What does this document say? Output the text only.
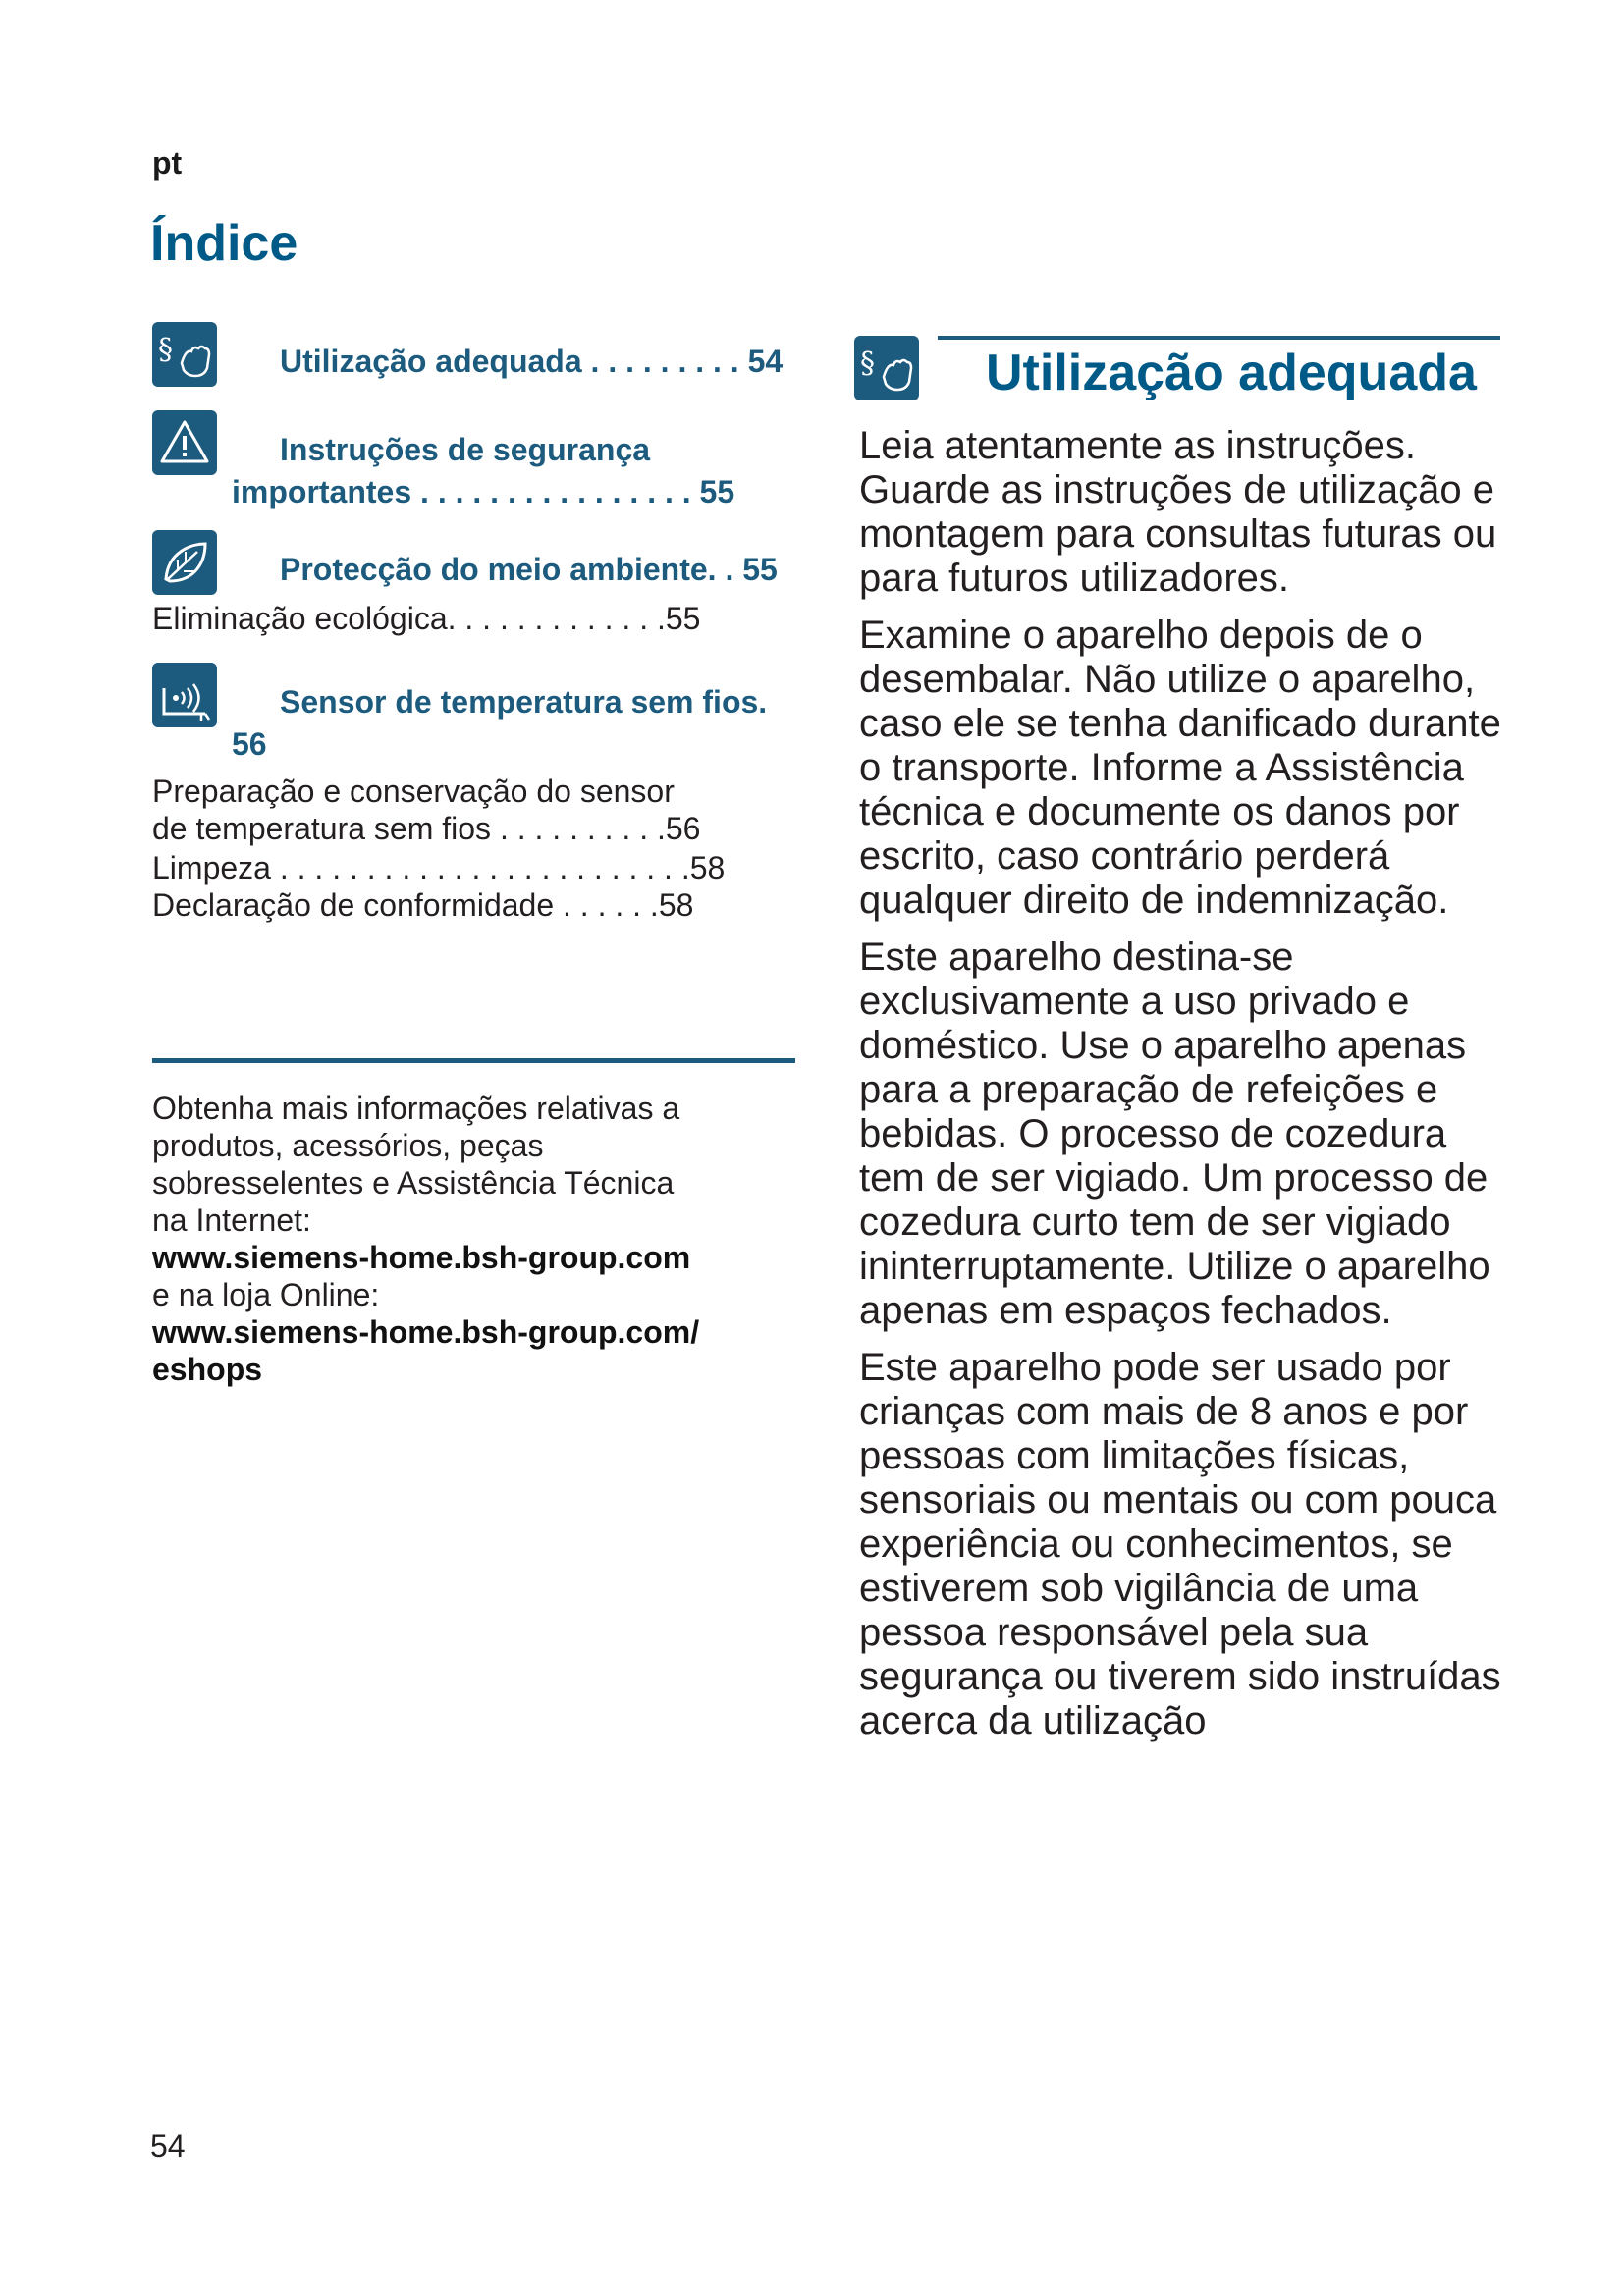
pt
Índice
§	Utilização adequada . . . . . . . . . 54
Instruções de segurança
importantes . . . . . . . . . . . . . . . . 55
Protecção do meio ambiente. . 55
Eliminação ecológica. . . . . . . . . . . . .55
Sensor de temperatura sem fios.
56
Preparação e conservação do sensor
de temperatura sem fios . . . . . . . . . .56
Limpeza . . . . . . . . . . . . . . . . . . . . . . . .58
Declaração de conformidade . . . . . .58

Obtenha mais informações relativas a

produtos, acessórios, peças

sobresselentes e Assistência Técnica

na Internet:

www.siemens-home.bsh-group.com

e na loja Online:

www.siemens-home.bsh-group.com/

eshops

§ Utilização adequada

Leia atentamente as instruções. Guarde as instruções de utilização e montagem para consultas futuras ou para futuros utilizadores.

Examine o aparelho depois de o desembalar. Não utilize o aparelho, caso ele se tenha danificado durante o transporte. Informe a Assistência técnica e documente os danos por escrito, caso contrário perderá qualquer direito de indemnização.

Este aparelho destina-se exclusivamente a uso privado e doméstico. Use o aparelho apenas para a preparação de refeições e bebidas. O processo de cozedura tem de ser vigiado. Um processo de cozedura curto tem de ser vigiado ininterruptamente. Utilize o aparelho apenas em espaços fechados.

Este aparelho pode ser usado por crianças com mais de 8 anos e por pessoas com limitações físicas, sensoriais ou mentais ou com pouca experiência ou conhecimentos, se estiverem sob vigilância de uma pessoa responsável pela sua segurança ou tiverem sido instruídas acerca da utilização

54
